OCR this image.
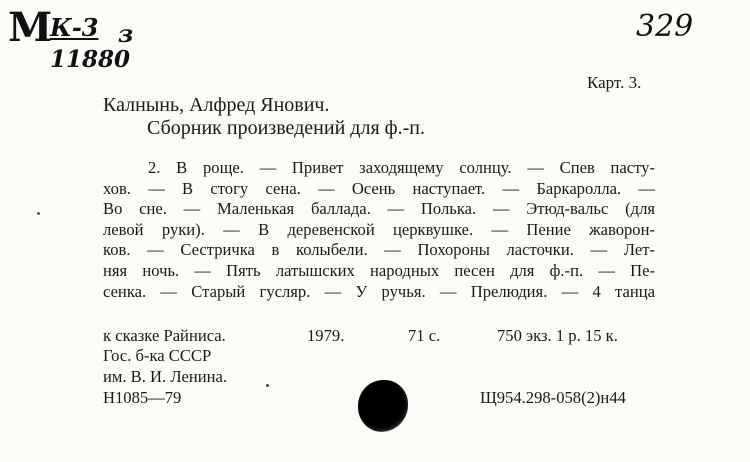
М
К-3 з
11880
329
Карт. 3.
Калнынь, Алфред Янович.
Сборник произведений для ф.-п.
2. В роще. — Привет заходящему солнцу. — Спев пасту-
хов. — В стогу сена. — Осень наступает. — Баркаролла. —
Во сне. — Маленькая баллада. — Полька. — Этюд-вальс (для
левой руки). — В деревенской церквушке. — Пение жаворон-
ков. — Сестричка в колыбели. — Похороны ласточки. — Лет-
няя ночь. — Пять латышских народных песен для ф.-п. — Пе-
сенка. — Старый гусляр. — У ручья. — Прелюдия. — 4 танца
к сказке Райниса.	1979.	71 с.	750 экз. 1 р. 15 к.
Гос. б-ка СССР
им. В. И. Ленина.
Н1085—79	Щ954.298-058(2)н44
